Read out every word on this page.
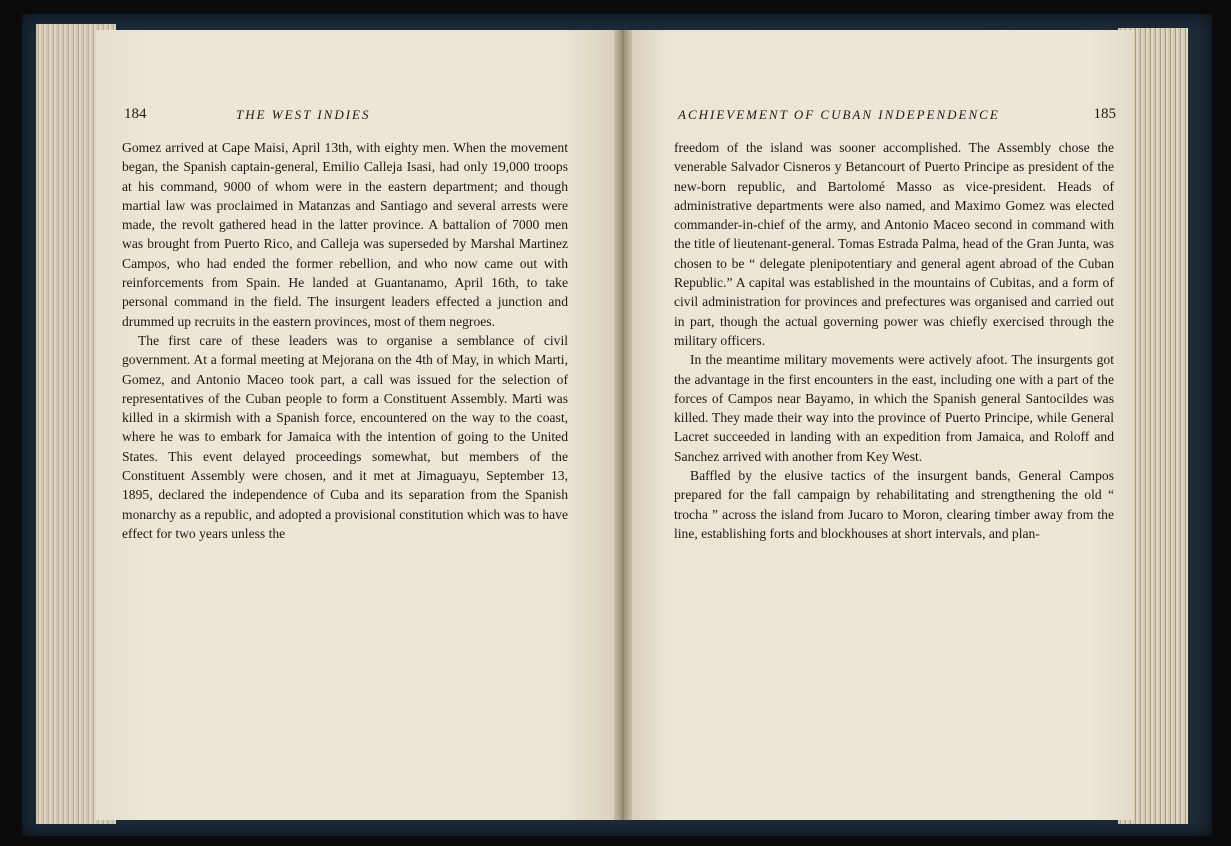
184	THE WEST INDIES

Gomez arrived at Cape Maisi, April 13th, with eighty men. When the movement began, the Spanish captain-general, Emilio Calleja Isasi, had only 19,000 troops at his command, 9000 of whom were in the eastern department; and though martial law was proclaimed in Matanzas and Santiago and several arrests were made, the revolt gathered head in the latter province. A battalion of 7000 men was brought from Puerto Rico, and Calleja was superseded by Marshal Martinez Campos, who had ended the former rebellion, and who now came out with reinforcements from Spain. He landed at Guantanamo, April 16th, to take personal command in the field. The insurgent leaders effected a junction and drummed up recruits in the eastern provinces, most of them negroes.

The first care of these leaders was to organise a semblance of civil government. At a formal meeting at Mejorana on the 4th of May, in which Marti, Gomez, and Antonio Maceo took part, a call was issued for the selection of representatives of the Cuban people to form a Constituent Assembly. Marti was killed in a skirmish with a Spanish force, encountered on the way to the coast, where he was to embark for Jamaica with the intention of going to the United States. This event delayed proceedings somewhat, but members of the Constituent Assembly were chosen, and it met at Jimaguayu, September 13, 1895, declared the independence of Cuba and its separation from the Spanish monarchy as a republic, and adopted a provisional constitution which was to have effect for two years unless the

ACHIEVEMENT OF CUBAN INDEPENDENCE	185

freedom of the island was sooner accomplished. The Assembly chose the venerable Salvador Cisneros y Betancourt of Puerto Principe as president of the new-born republic, and Bartolomé Masso as vice-president. Heads of administrative departments were also named, and Maximo Gomez was elected commander-in-chief of the army, and Antonio Maceo second in command with the title of lieutenant-general. Tomas Estrada Palma, head of the Gran Junta, was chosen to be “ delegate plenipotentiary and general agent abroad of the Cuban Republic.” A capital was established in the mountains of Cubitas, and a form of civil administration for provinces and prefectures was organised and carried out in part, though the actual governing power was chiefly exercised through the military officers.

In the meantime military movements were actively afoot. The insurgents got the advantage in the first encounters in the east, including one with a part of the forces of Campos near Bayamo, in which the Spanish general Santocildes was killed. They made their way into the province of Puerto Principe, while General Lacret succeeded in landing with an expedition from Jamaica, and Roloff and Sanchez arrived with another from Key West.

Baffled by the elusive tactics of the insurgent bands, General Campos prepared for the fall campaign by rehabilitating and strengthening the old “ trocha ” across the island from Jucaro to Moron, clearing timber away from the line, establishing forts and blockhouses at short intervals, and plan-
